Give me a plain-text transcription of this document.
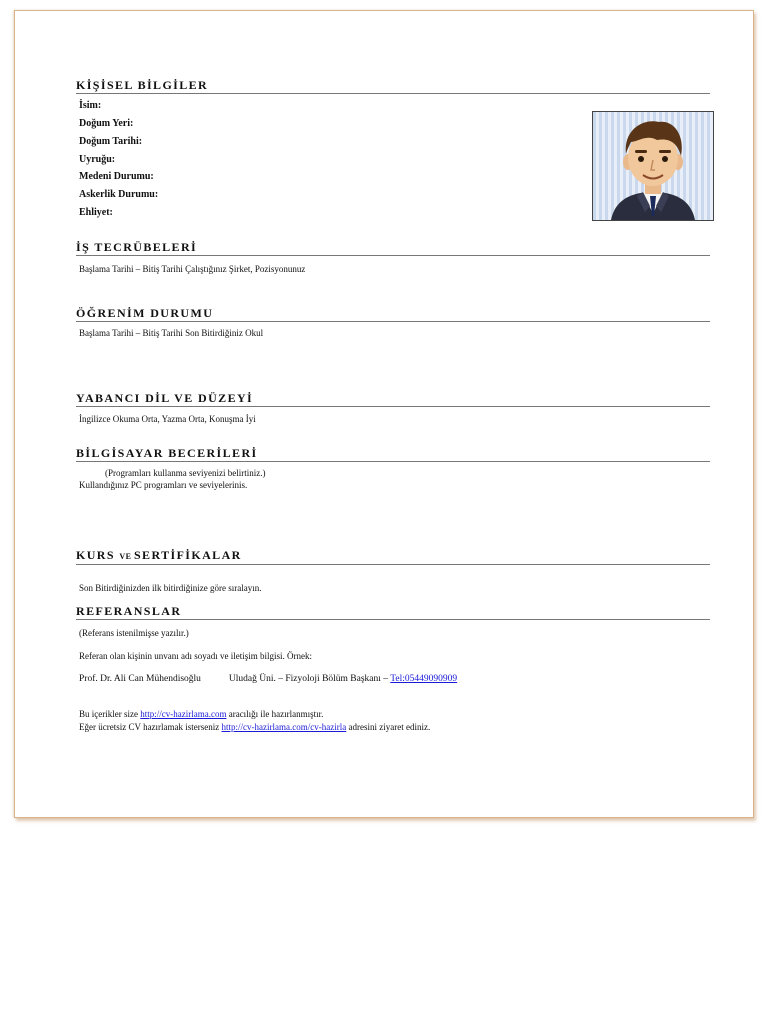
KİŞİSEL BİLGİLER
İsim:
Doğum Yeri:
Doğum Tarihi:
Uyruğu:
Medeni Durumu:
Askerlik Durumu:
Ehliyet:
İŞ TECRÜBELERİ
Başlama Tarihi – Bitiş Tarihi Çalıştığınız Şirket, Pozisyonunuz
ÖĞRENİM DURUMU
Başlama Tarihi – Bitiş Tarihi Son Bitirdiğiniz Okul
YABANCI DİL VE DÜZEYİ
İngilizce Okuma Orta, Yazma Orta, Konuşma İyi
BİLGİSAYAR BECERİLERİ
(Programları kullanma seviyenizi belirtiniz.)
Kullandığınız PC programları ve seviyelerinis.
KURS VE SERTİFİKALAR
Son Bitirdiğinizden ilk bitirdiğinize göre sıralayın.
REFERANSLAR
(Referans istenilmişse yazılır.)
Referan olan kişinin unvanı adı soyadı ve iletişim bilgisi. Örnek:
Prof. Dr. Ali Can Mühendisoğlu	Uludağ Üni. – Fizyoloji Bölüm Başkanı – Tel:05449090909
Bu içerikler size http://cv-hazirlama.com aracılığı ile hazırlanmıştır.
Eğer ücretsiz CV hazırlamak isterseniz http://cv-hazirlama.com/cv-hazirla adresini ziyaret ediniz.
